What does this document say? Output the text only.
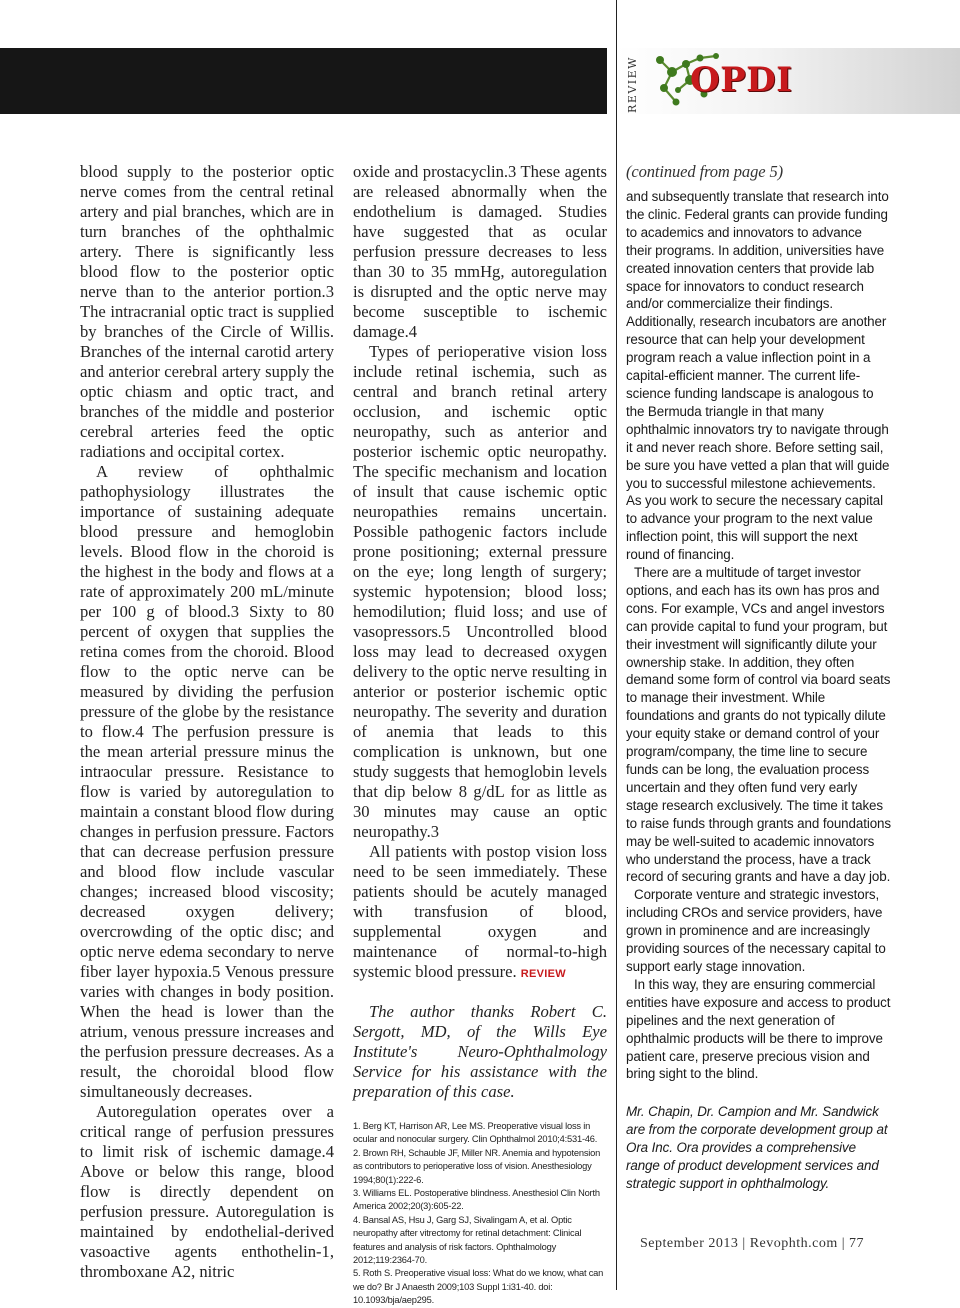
REVIEW OPDI

blood supply to the posterior optic nerve comes from the central retinal artery and pial branches, which are in turn branches of the ophthalmic artery. There is significantly less blood flow to the posterior optic nerve than to the anterior portion.3 The intracranial optic tract is supplied by branches of the Circle of Willis. Branches of the internal carotid artery and anterior cerebral artery supply the optic chiasm and optic tract, and branches of the middle and posterior cerebral arteries feed the optic radiations and occipital cortex.

A review of ophthalmic pathophysiology illustrates the importance of sustaining adequate blood pressure and hemoglobin levels. Blood flow in the choroid is the highest in the body and flows at a rate of approximately 200 mL/minute per 100 g of blood.3 Sixty to 80 percent of oxygen that supplies the retina comes from the choroid. Blood flow to the optic nerve can be measured by dividing the perfusion pressure of the globe by the resistance to flow.4 The perfusion pressure is the mean arterial pressure minus the intraocular pressure. Resistance to flow is varied by autoregulation to maintain a constant blood flow during changes in perfusion pressure. Factors that can decrease perfusion pressure and blood flow include vascular changes; increased blood viscosity; decreased oxygen delivery; overcrowding of the optic disc; and optic nerve edema secondary to nerve fiber layer hypoxia.5 Venous pressure varies with changes in body position. When the head is lower than the atrium, venous pressure increases and the perfusion pressure decreases. As a result, the choroidal blood flow simultaneously decreases.

Autoregulation operates over a critical range of perfusion pressures to limit risk of ischemic damage.4 Above or below this range, blood flow is directly dependent on perfusion pressure. Autoregulation is maintained by endothelial-derived vasoactive agents enthothelin-1, thromboxane A2, nitric

oxide and prostacyclin.3 These agents are released abnormally when the endothelium is damaged. Studies have suggested that as ocular perfusion pressure decreases to less than 30 to 35 mmHg, autoregulation is disrupted and the optic nerve may become susceptible to ischemic damage.4

Types of perioperative vision loss include retinal ischemia, such as central and branch retinal artery occlusion, and ischemic optic neuropathy, such as anterior and posterior ischemic optic neuropathy. The specific mechanism and location of insult that cause ischemic optic neuropathies remains uncertain. Possible pathogenic factors include prone positioning; external pressure on the eye; long length of surgery; systemic hypotension; blood loss; hemodilution; fluid loss; and use of vasopressors.5 Uncontrolled blood loss may lead to decreased oxygen delivery to the optic nerve resulting in anterior or posterior ischemic optic neuropathy. The severity and duration of anemia that leads to this complication is unknown, but one study suggests that hemoglobin levels that dip below 8 g/dL for as little as 30 minutes may cause an optic neuropathy.3

All patients with postop vision loss need to be seen immediately. These patients should be acutely managed with transfusion of blood, supplemental oxygen and maintenance of normal-to-high systemic blood pressure. REVIEW

The author thanks Robert C. Sergott, MD, of the Wills Eye Institute's Neuro-Ophthalmology Service for his assistance with the preparation of this case.

1. Berg KT, Harrison AR, Lee MS. Preoperative visual loss in ocular and nonocular surgery. Clin Ophthalmol 2010;4:531-46.
2. Brown RH, Schauble JF, Miller NR. Anemia and hypotension as contributors to perioperative loss of vision. Anesthesiology 1994;80(1):222-6.
3. Williams EL. Postoperative blindness. Anesthesiol Clin North America 2002;20(3):605-22.
4. Bansal AS, Hsu J, Garg SJ, Sivalingam A, et al. Optic neuropathy after vitrectomy for retinal detachment: Clinical features and analysis of risk factors. Ophthalmology 2012;119:2364-70.
5. Roth S. Preoperative visual loss: What do we know, what can we do? Br J Anaesth 2009;103 Suppl 1:i31-40. doi: 10.1093/bja/aep295.

(continued from page 5)

and subsequently translate that research into the clinic. Federal grants can provide funding to academics and innovators to advance their programs. In addition, universities have created innovation centers that provide lab space for innovators to conduct research and/or commercialize their findings. Additionally, research incubators are another resource that can help your development program reach a value inflection point in a capital-efficient manner. The current life-science funding landscape is analogous to the Bermuda triangle in that many ophthalmic innovators try to navigate through it and never reach shore. Before setting sail, be sure you have vetted a plan that will guide you to successful milestone achievements. As you work to secure the necessary capital to advance your program to the next value inflection point, this will support the next round of financing.

There are a multitude of target investor options, and each has its own has pros and cons. For example, VCs and angel investors can provide capital to fund your program, but their investment will significantly dilute your ownership stake. In addition, they often demand some form of control via board seats to manage their investment. While foundations and grants do not typically dilute your equity stake or demand control of your program/company, the time line to secure funds can be long, the evaluation process uncertain and they often fund very early stage research exclusively. The time it takes to raise funds through grants and foundations may be well-suited to academic innovators who understand the process, have a track record of securing grants and have a day job.

Corporate venture and strategic investors, including CROs and service providers, have grown in prominence and are increasingly providing sources of the necessary capital to support early stage innovation.

In this way, they are ensuring commercial entities have exposure and access to product pipelines and the next generation of ophthalmic products will be there to improve patient care, preserve precious vision and bring sight to the blind.

Mr. Chapin, Dr. Campion and Mr. Sandwick are from the corporate development group at Ora Inc. Ora provides a comprehensive range of product development services and strategic support in ophthalmology.

September 2013 | Revophth.com | 77
